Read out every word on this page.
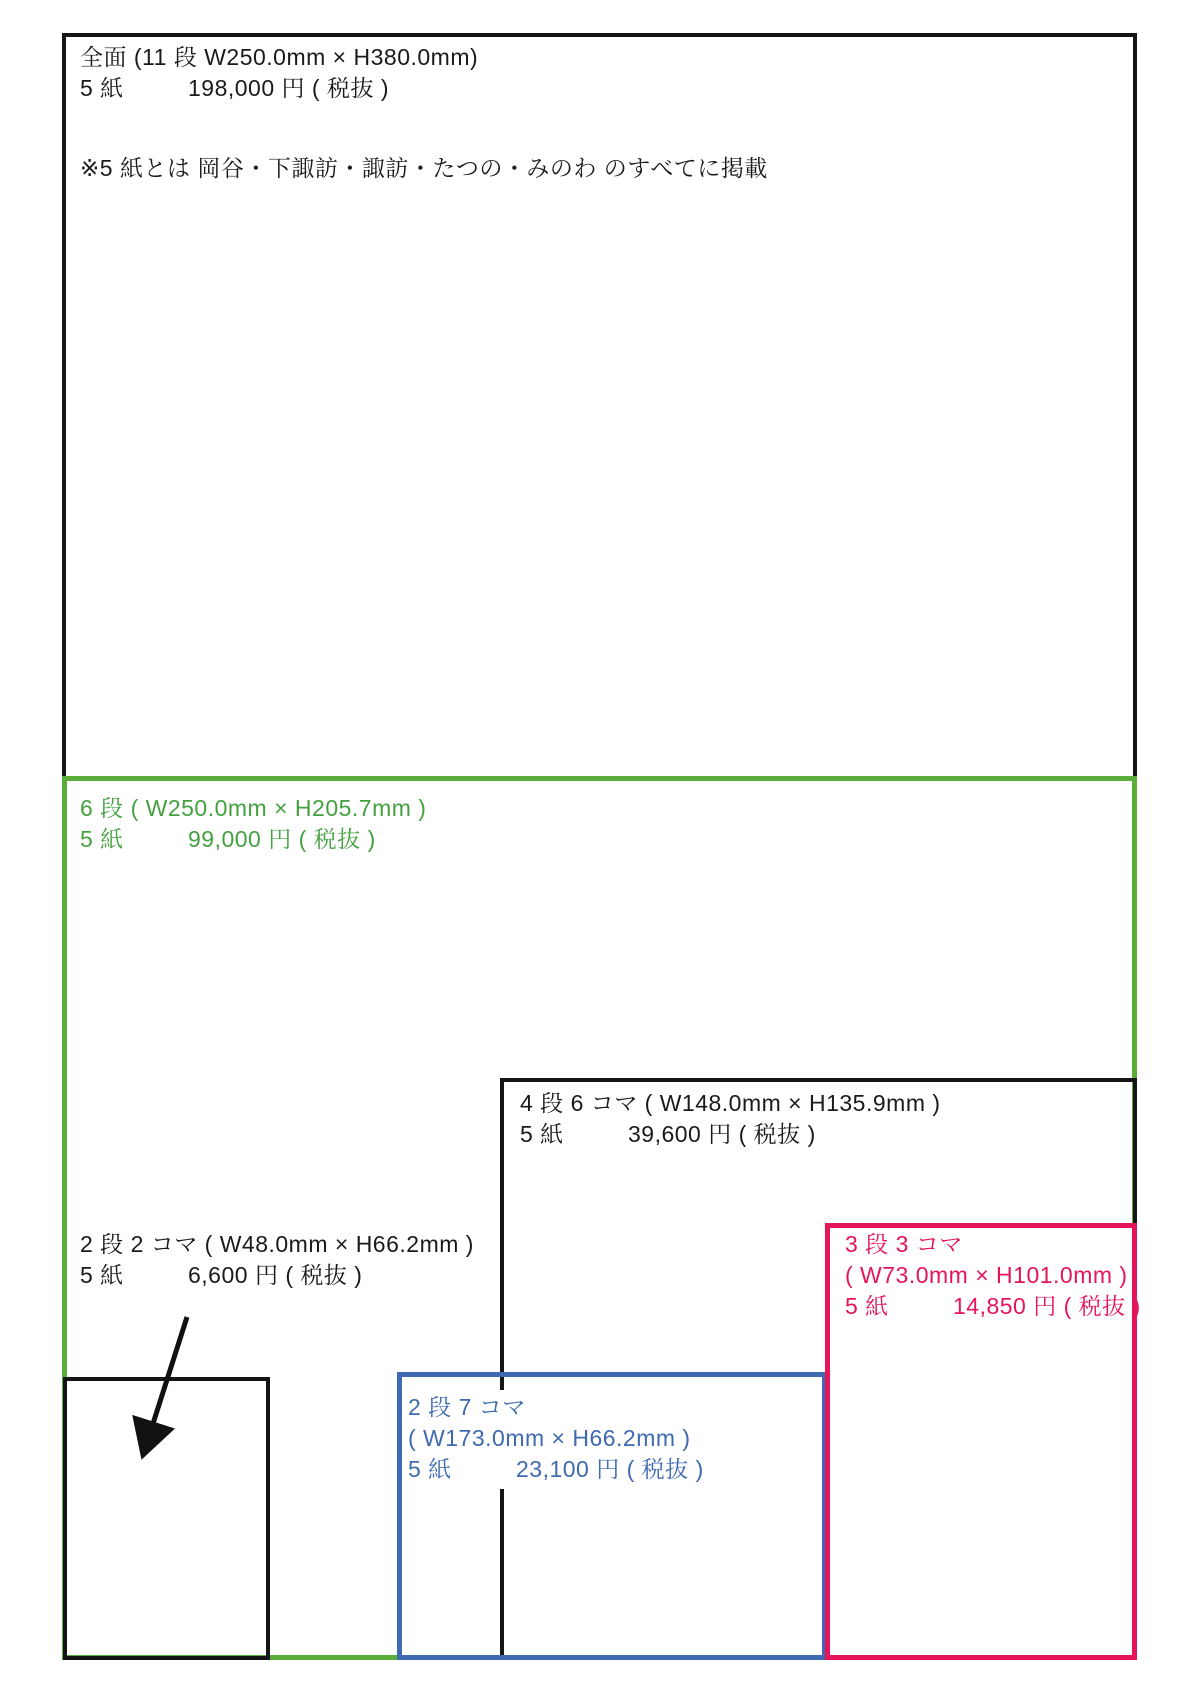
全面 (11 段 W250.0mm × H380.0mm)
5 紙	198,000 円 ( 税抜 )
※5 紙とは 岡谷・下諏訪・諏訪・たつの・みのわ のすべてに掲載
6 段 ( W250.0mm × H205.7mm )
5 紙	99,000 円 ( 税抜 )
4 段 6 コマ ( W148.0mm × H135.9mm )
5 紙	39,600 円 ( 税抜 )
2 段 2 コマ ( W48.0mm × H66.2mm )
5 紙	6,600 円 ( 税抜 )
3 段 3 コマ
( W73.0mm × H101.0mm )
5 紙	14,850 円 ( 税抜 )
2 段 7 コマ
( W173.0mm × H66.2mm )
5 紙	23,100 円 ( 税抜 )
